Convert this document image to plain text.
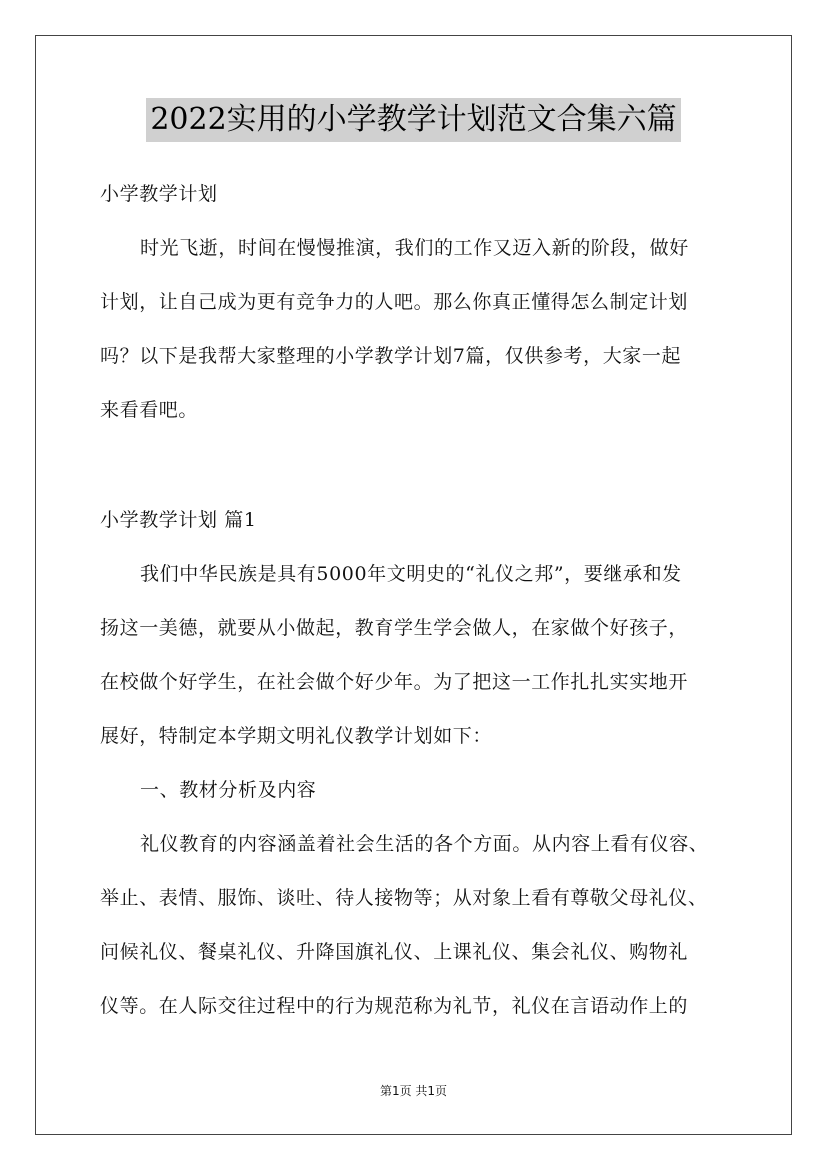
2022实用的小学教学计划范文合集六篇
小学教学计划
时光飞逝，时间在慢慢推演，我们的工作又迈入新的阶段，做好
计划，让自己成为更有竞争力的人吧。那么你真正懂得怎么制定计划
吗？以下是我帮大家整理的小学教学计划7篇，仅供参考，大家一起
来看看吧。
小学教学计划 篇1
我们中华民族是具有5000年文明史的“礼仪之邦”，要继承和发
扬这一美德，就要从小做起，教育学生学会做人，在家做个好孩子，
在校做个好学生，在社会做个好少年。为了把这一工作扎扎实实地开
展好，特制定本学期文明礼仪教学计划如下：
一、教材分析及内容
礼仪教育的内容涵盖着社会生活的各个方面。从内容上看有仪容、
举止、表情、服饰、谈吐、待人接物等；从对象上看有尊敬父母礼仪、
问候礼仪、餐桌礼仪、升降国旗礼仪、上课礼仪、集会礼仪、购物礼
仪等。在人际交往过程中的行为规范称为礼节，礼仪在言语动作上的
第1页 共1页
